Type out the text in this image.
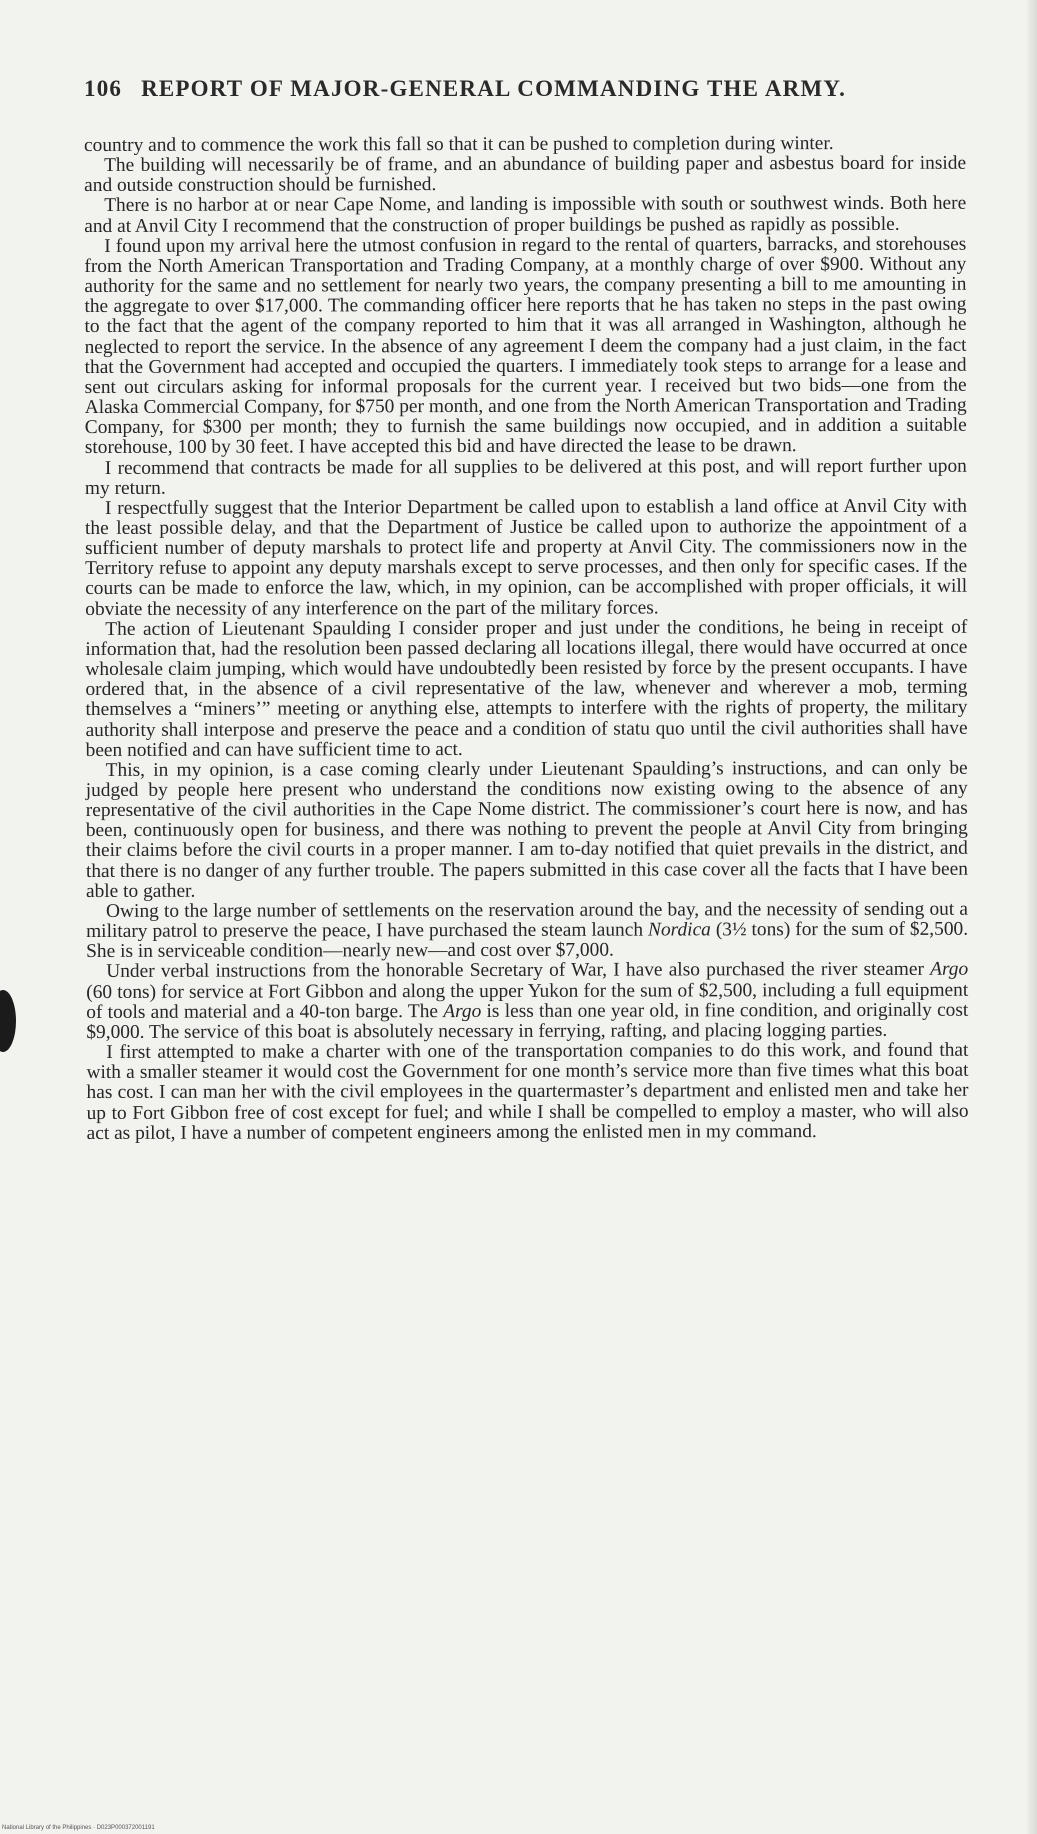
106 REPORT OF MAJOR-GENERAL COMMANDING THE ARMY.

country and to commence the work this fall so that it can be pushed to completion during winter.

The building will necessarily be of frame, and an abundance of building paper and asbestus board for inside and outside construction should be furnished.

There is no harbor at or near Cape Nome, and landing is impossible with south or southwest winds. Both here and at Anvil City I recommend that the construction of proper buildings be pushed as rapidly as possible.

I found upon my arrival here the utmost confusion in regard to the rental of quarters, barracks, and storehouses from the North American Transportation and Trading Company, at a monthly charge of over $900. Without any authority for the same and no settlement for nearly two years, the company presenting a bill to me amounting in the aggregate to over $17,000. The commanding officer here reports that he has taken no steps in the past owing to the fact that the agent of the company reported to him that it was all arranged in Washington, although he neglected to report the service. In the absence of any agreement I deem the company had a just claim, in the fact that the Government had accepted and occupied the quarters. I immediately took steps to arrange for a lease and sent out circulars asking for informal proposals for the current year. I received but two bids—one from the Alaska Commercial Company, for $750 per month, and one from the North American Transportation and Trading Company, for $300 per month; they to furnish the same buildings now occupied, and in addition a suitable storehouse, 100 by 30 feet. I have accepted this bid and have directed the lease to be drawn.

I recommend that contracts be made for all supplies to be delivered at this post, and will report further upon my return.

I respectfully suggest that the Interior Department be called upon to establish a land office at Anvil City with the least possible delay, and that the Department of Justice be called upon to authorize the appointment of a sufficient number of deputy marshals to protect life and property at Anvil City. The commissioners now in the Territory refuse to appoint any deputy marshals except to serve processes, and then only for specific cases. If the courts can be made to enforce the law, which, in my opinion, can be accomplished with proper officials, it will obviate the necessity of any interference on the part of the military forces.

The action of Lieutenant Spaulding I consider proper and just under the conditions, he being in receipt of information that, had the resolution been passed declaring all locations illegal, there would have occurred at once wholesale claim jumping, which would have undoubtedly been resisted by force by the present occupants. I have ordered that, in the absence of a civil representative of the law, whenever and wherever a mob, terming themselves a “miners’” meeting or anything else, attempts to interfere with the rights of property, the military authority shall interpose and preserve the peace and a condition of statu quo until the civil authorities shall have been notified and can have sufficient time to act.

This, in my opinion, is a case coming clearly under Lieutenant Spaulding’s instructions, and can only be judged by people here present who understand the conditions now existing owing to the absence of any representative of the civil authorities in the Cape Nome district. The commissioner’s court here is now, and has been, continuously open for business, and there was nothing to prevent the people at Anvil City from bringing their claims before the civil courts in a proper manner. I am to-day notified that quiet prevails in the district, and that there is no danger of any further trouble. The papers submitted in this case cover all the facts that I have been able to gather.

Owing to the large number of settlements on the reservation around the bay, and the necessity of sending out a military patrol to preserve the peace, I have purchased the steam launch Nordica (3½ tons) for the sum of $2,500. She is in serviceable condition—nearly new—and cost over $7,000.

Under verbal instructions from the honorable Secretary of War, I have also purchased the river steamer Argo (60 tons) for service at Fort Gibbon and along the upper Yukon for the sum of $2,500, including a full equipment of tools and material and a 40-ton barge. The Argo is less than one year old, in fine condition, and originally cost $9,000. The service of this boat is absolutely necessary in ferrying, rafting, and placing logging parties.

I first attempted to make a charter with one of the transportation companies to do this work, and found that with a smaller steamer it would cost the Government for one month’s service more than five times what this boat has cost. I can man her with the civil employees in the quartermaster’s department and enlisted men and take her up to Fort Gibbon free of cost except for fuel; and while I shall be compelled to employ a master, who will also act as pilot, I have a number of competent engineers among the enlisted men in my command.

National Library of the Philippines · D023P000372001191
